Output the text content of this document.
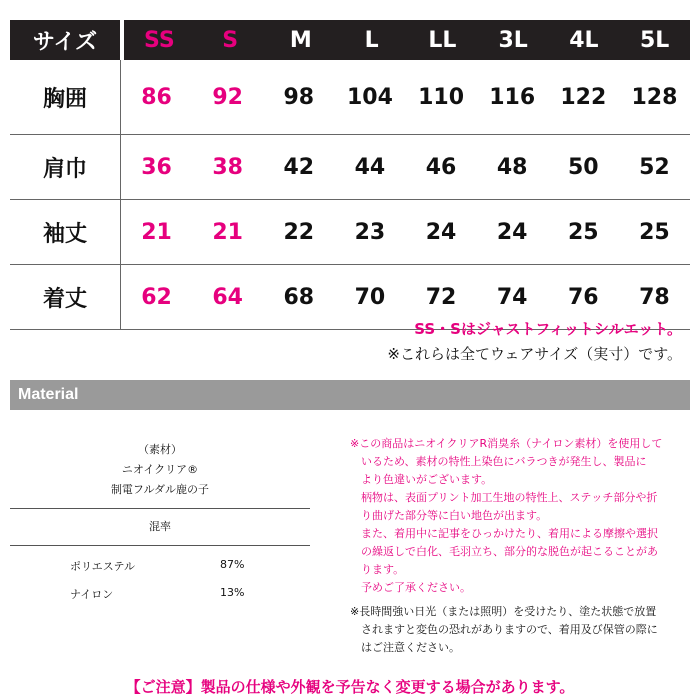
サイズ	SS	S	M	L	LL	3L	4L	5L
胸囲	86	92	98	104	110	116	122	128
肩巾	36	38	42	44	46	48	50	52
袖丈	21	21	22	23	24	24	25	25
着丈	62	64	68	70	72	74	76	78
SS・Sはジャストフィットシルエット。
※これらは全てウェアサイズ（実寸）です。
Material
（素材）
ニオイクリア®
制電フルダル鹿の子
混率
ポリエステル	87%
ナイロン	13%
※この商品はニオイクリアR消臭糸（ナイロン素材）を使用して
　いるため、素材の特性上染色にバラつきが発生し、製品に
　より色違いがございます。
　柄物は、表面プリント加工生地の特性上、ステッチ部分や折
　り曲げた部分等に白い地色が出ます。
　また、着用中に記事をひっかけたり、着用による摩擦や選択
　の繰返しで白化、毛羽立ち、部分的な脱色が起こることがあ
　ります。
　予めご了承ください。
※長時間強い日光（または照明）を受けたり、塗た状態で放置
　されますと変色の恐れがありますので、着用及び保管の際に
　はご注意ください。
【ご注意】製品の仕様や外観を予告なく変更する場合があります。
